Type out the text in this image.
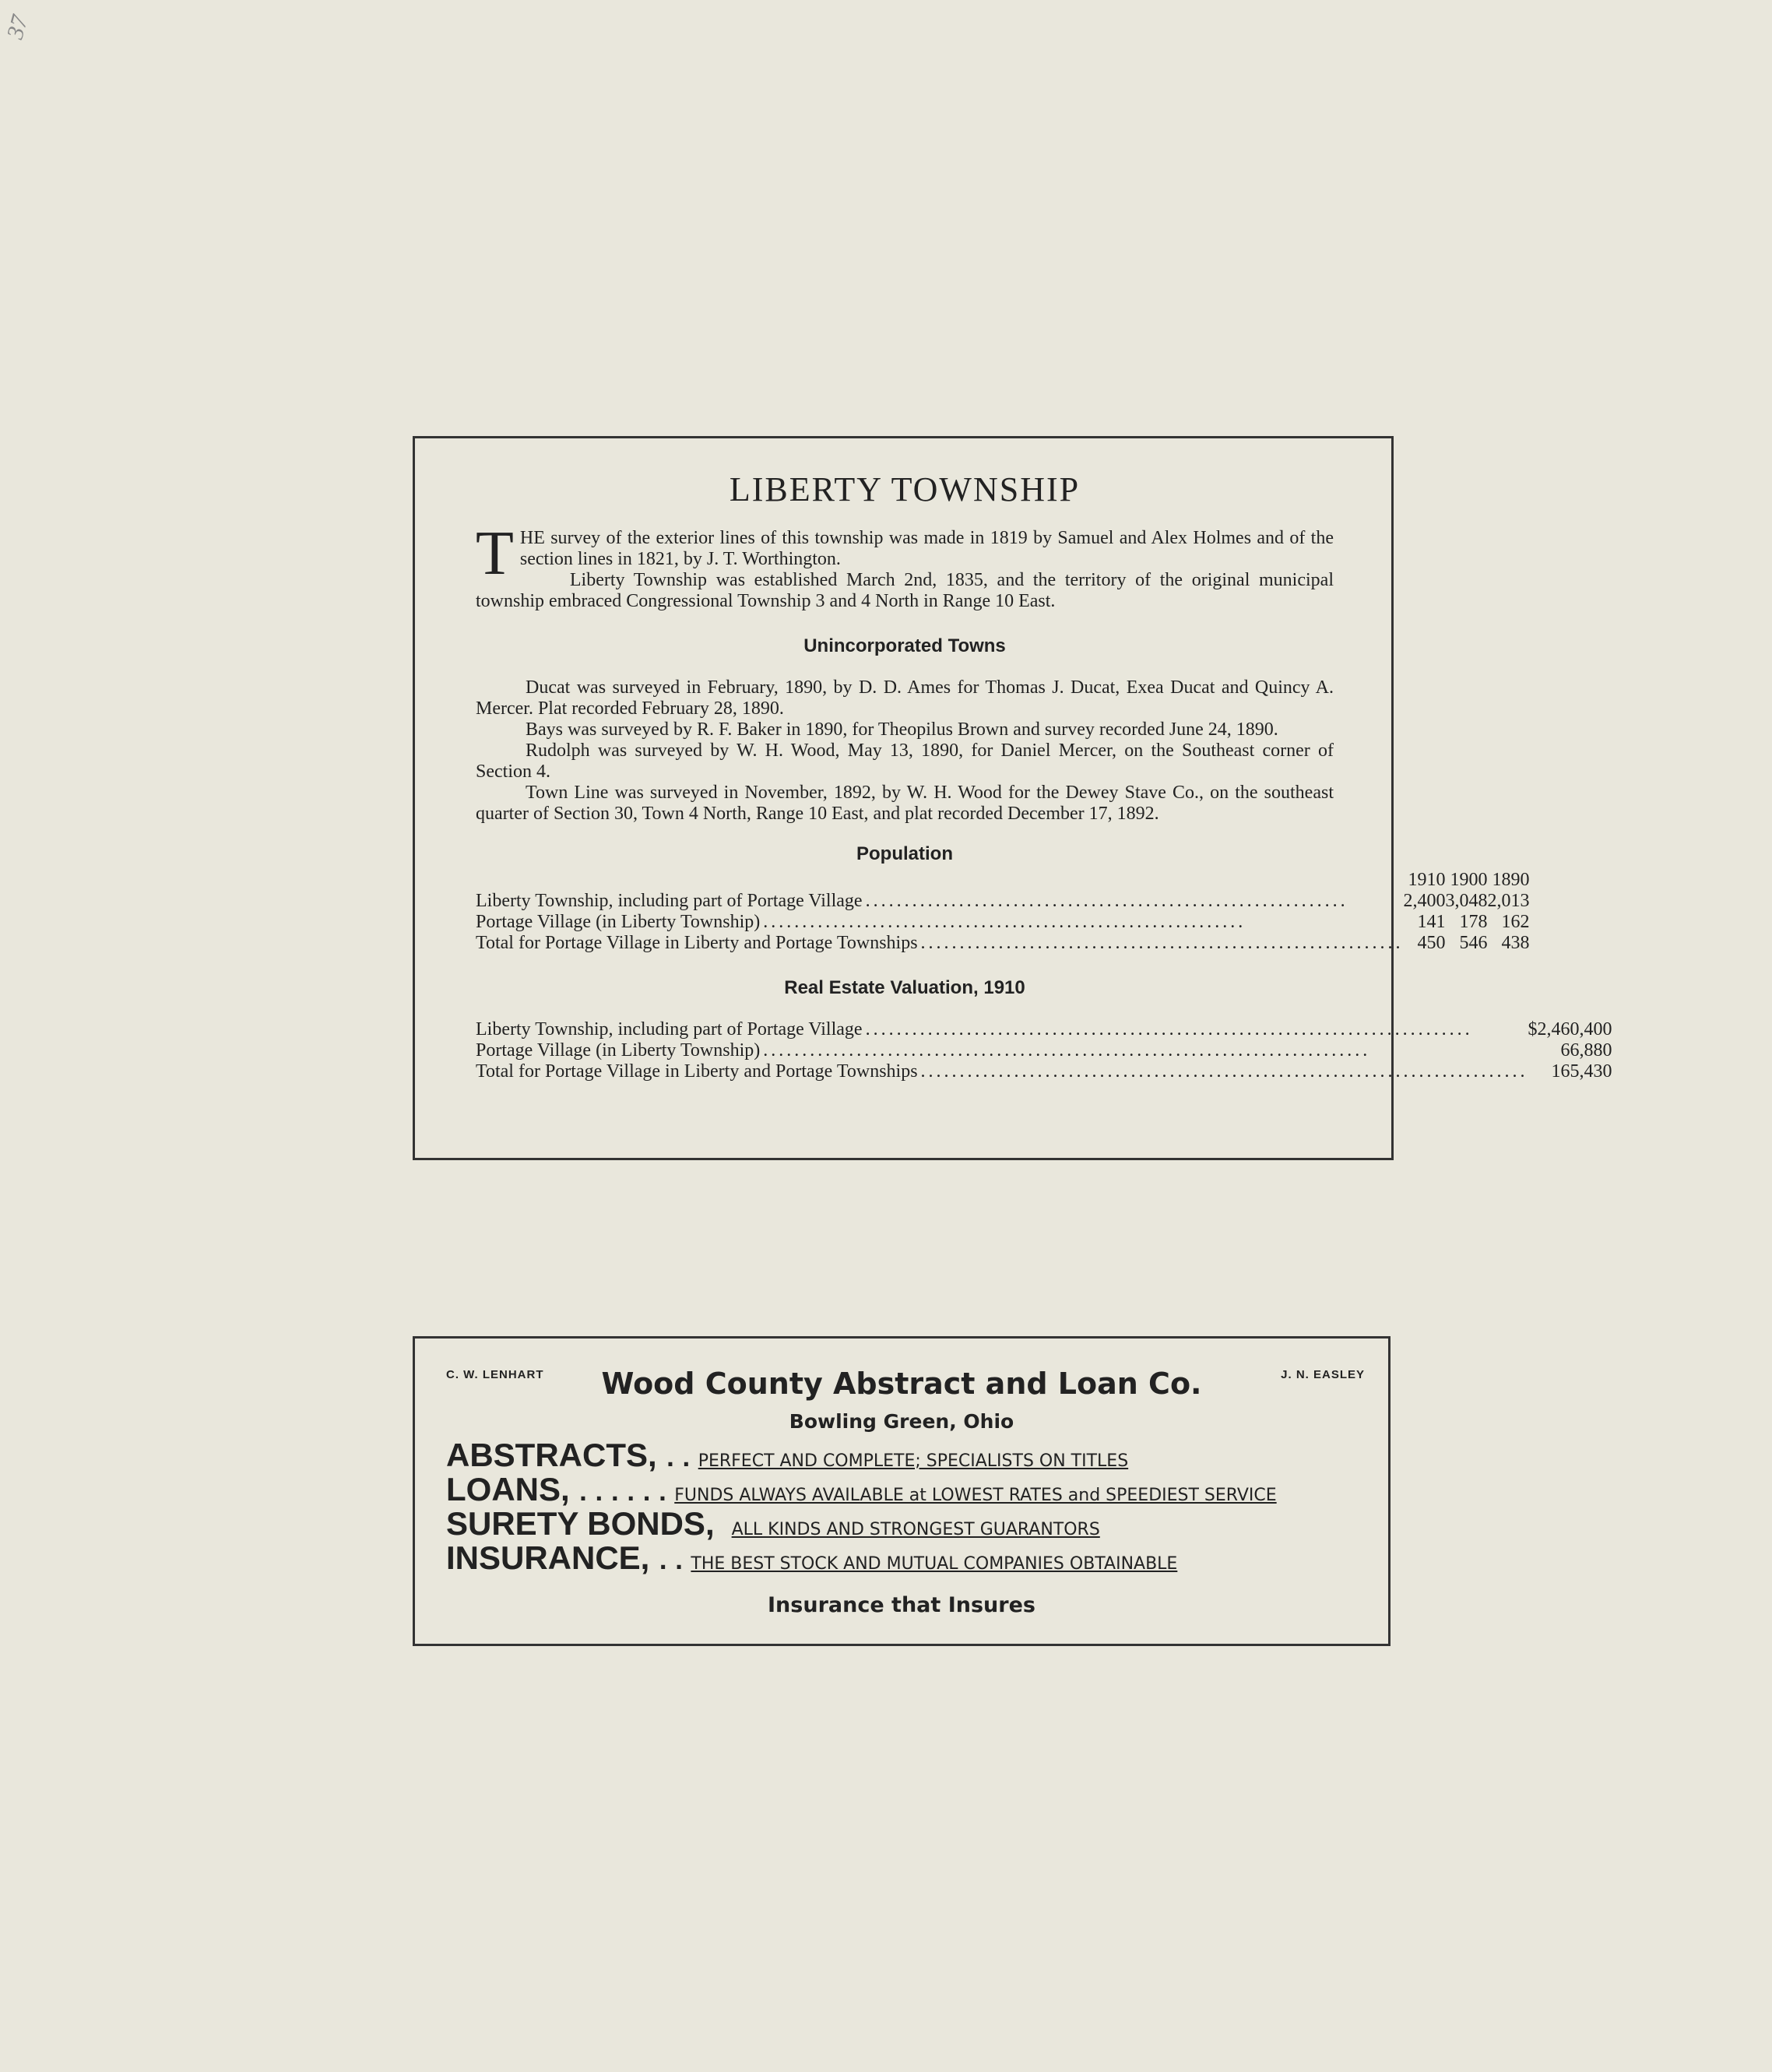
37
LIBERTY TOWNSHIP

THE survey of the exterior lines of this township was made in 1819 by Samuel and Alex Holmes and of the section lines in 1821, by J. T. Worthington.

Liberty Township was established March 2nd, 1835, and the territory of the original municipal township embraced Congressional Township 3 and 4 North in Range 10 East.

Unincorporated Towns

Ducat was surveyed in February, 1890, by D. D. Ames for Thomas J. Ducat, Exea Ducat and Quincy A. Mercer. Plat recorded February 28, 1890.

Bays was surveyed by R. F. Baker in 1890, for Theopilus Brown and survey recorded June 24, 1890.

Rudolph was surveyed by W. H. Wood, May 13, 1890, for Daniel Mercer, on the Southeast corner of Section 4.

Town Line was surveyed in November, 1892, by W. H. Wood for the Dewey Stave Co., on the southeast quarter of Section 30, Town 4 North, Range 10 East, and plat recorded December 17, 1892.

Population
	1910	1900	1890

Liberty Township, including part of Portage Village ..............................................................	2,400	3,048	2,013

Portage Village (in Liberty Township) ..............................................................	141	178	162

Total for Portage Village in Liberty and Portage Townships ..............................................................	450	546	438
Real Estate Valuation, 1910
Liberty Township, including part of Portage Village ..............................................................................	$	2,460,400

Portage Village (in Liberty Township) ..............................................................................		66,880

Total for Portage Village in Liberty and Portage Townships ..............................................................................		165,430
C. W. LENHART	J. N. EASLEY
Wood County Abstract and Loan Co.
Bowling Green, Ohio
ABSTRACTS, . . PERFECT AND COMPLETE; SPECIALISTS ON TITLES
LOANS, . . . . . . FUNDS ALWAYS AVAILABLE at LOWEST RATES and SPEEDIEST SERVICE
SURETY BONDS, ALL KINDS AND STRONGEST GUARANTORS
INSURANCE, . . THE BEST STOCK AND MUTUAL COMPANIES OBTAINABLE
Insurance that Insures
